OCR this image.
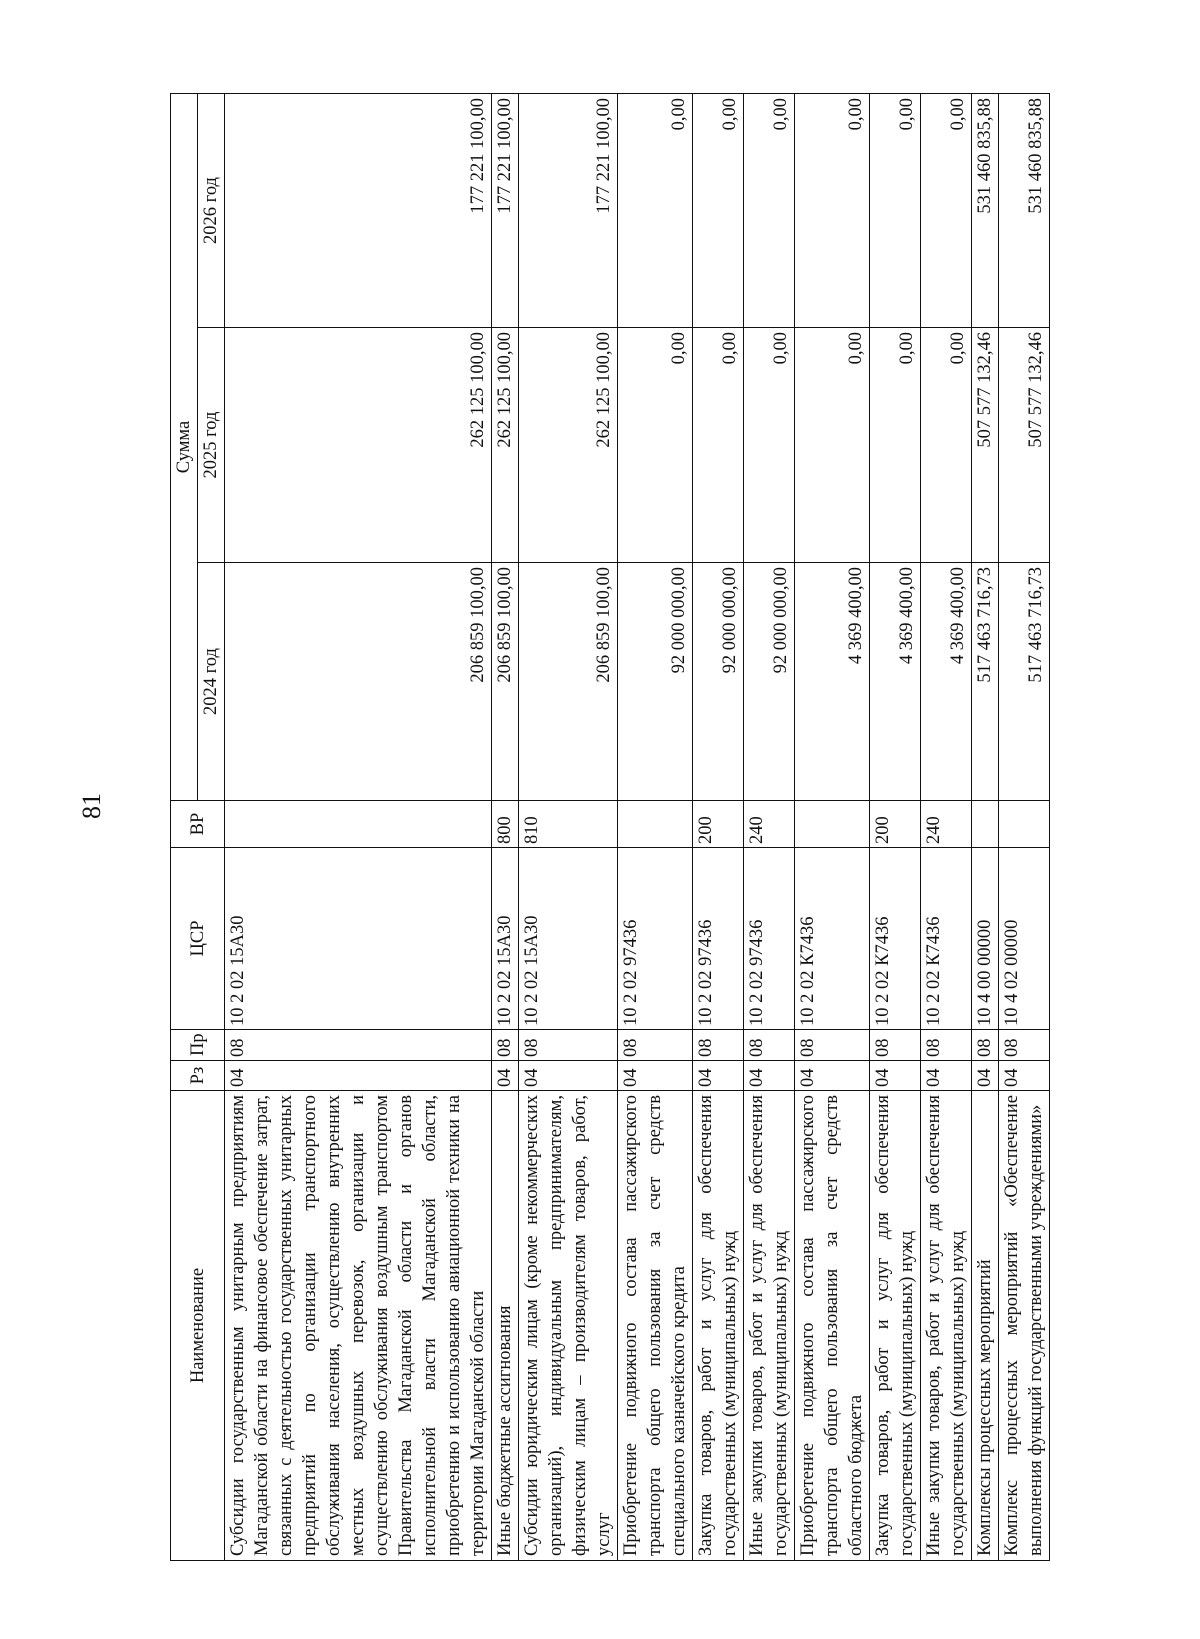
81
Наименование	Рз	Пр	ЦСР	ВР	Сумма		
					2024 год	2025 год	2026 год
Субсидии государственным унитарным предприятиям Магаданской области на финансовое обеспечение затрат, связанных с деятельностью государственных унитарных предприятий по организации транспортного обслуживания населения, осуществлению внутренних местных воздушных перевозок, организации и осуществлению обслуживания воздушным транспортом Правительства Магаданской области и органов исполнительной власти Магаданской области, приобретению и использованию авиационной техники на территории Магаданской области	04	08	10 2 02 15А30		206 859 100,00	262 125 100,00	177 221 100,00
Иные бюджетные ассигнования	04	08	10 2 02 15А30	800	206 859 100,00	262 125 100,00	177 221 100,00
Субсидии юридическим лицам (кроме некоммерческих организаций), индивидуальным предпринимателям, физическим лицам – производителям товаров, работ, услуг	04	08	10 2 02 15А30	810	206 859 100,00	262 125 100,00	177 221 100,00
Приобретение подвижного состава пассажирского транспорта общего пользования за счет средств специального казначейского кредита	04	08	10 2 02 97436		92 000 000,00	0,00	0,00
Закупка товаров, работ и услуг для обеспечения государственных (муниципальных) нужд	04	08	10 2 02 97436	200	92 000 000,00	0,00	0,00
Иные закупки товаров, работ и услуг для обеспечения государственных (муниципальных) нужд	04	08	10 2 02 97436	240	92 000 000,00	0,00	0,00
Приобретение подвижного состава пассажирского транспорта общего пользования за счет средств областного бюджета	04	08	10 2 02 К7436		4 369 400,00	0,00	0,00
Закупка товаров, работ и услуг для обеспечения государственных (муниципальных) нужд	04	08	10 2 02 К7436	200	4 369 400,00	0,00	0,00
Иные закупки товаров, работ и услуг для обеспечения государственных (муниципальных) нужд	04	08	10 2 02 К7436	240	4 369 400,00	0,00	0,00
Комплексы процессных мероприятий	04	08	10 4 00 00000		517 463 716,73	507 577 132,46	531 460 835,88
Комплекс процессных мероприятий «Обеспечение выполнения функций государственными учреждениями»	04	08	10 4 02 00000		517 463 716,73	507 577 132,46	531 460 835,88
